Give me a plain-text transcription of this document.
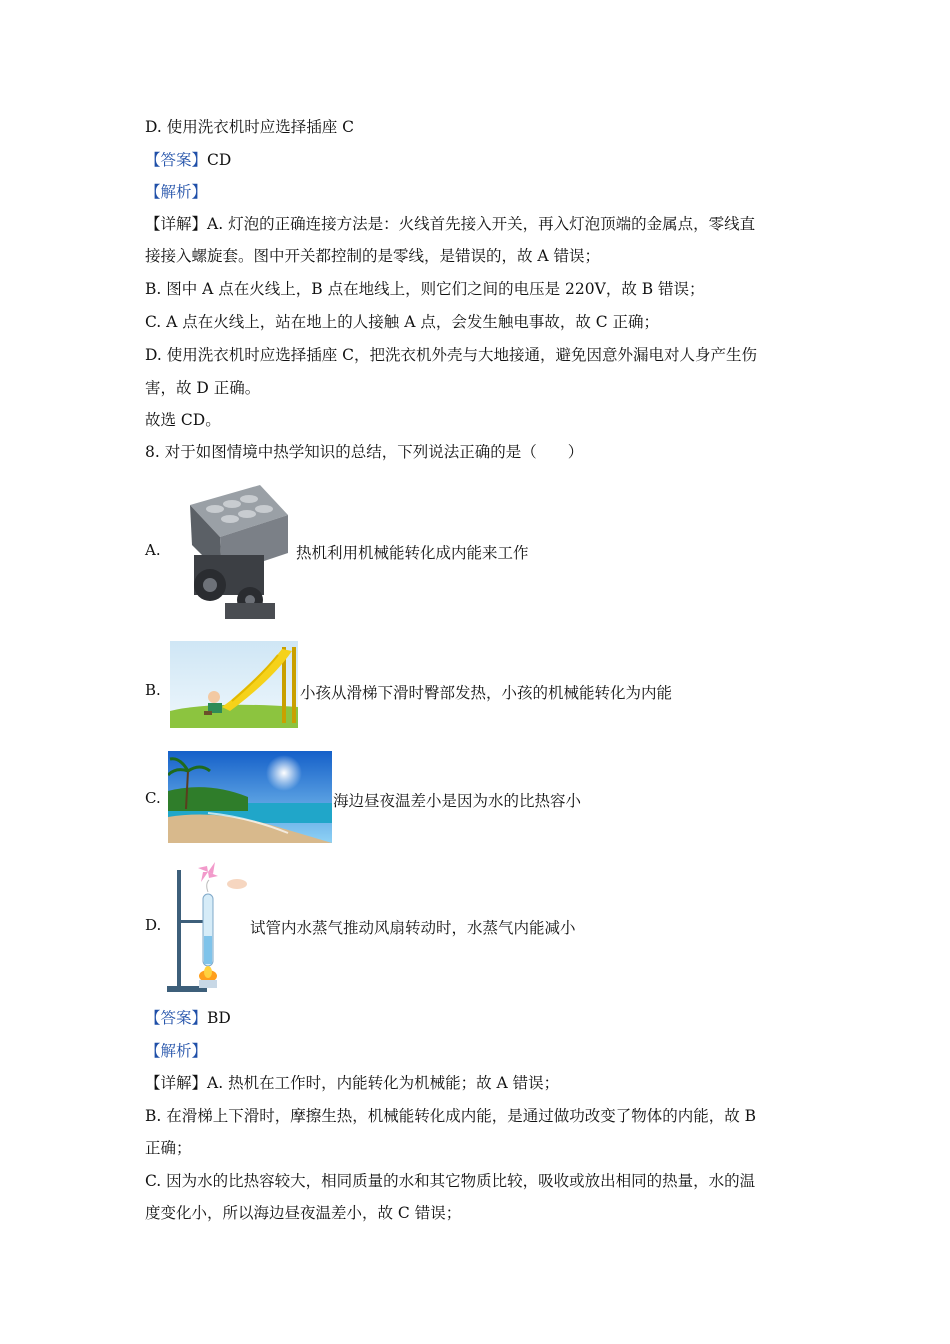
D. 使用洗衣机时应选择插座 C
【答案】CD
【解析】
【详解】A. 灯泡的正确连接方法是：火线首先接入开关，再入灯泡顶端的金属点，零线直
接接入螺旋套。图中开关都控制的是零线，是错误的，故 A 错误；
B. 图中 A 点在火线上，B 点在地线上，则它们之间的电压是 220V，故 B 错误；
C. A 点在火线上，站在地上的人接触 A 点，会发生触电事故，故 C 正确；
D. 使用洗衣机时应选择插座 C，把洗衣机外壳与大地接通，避免因意外漏电对人身产生伤
害，故 D 正确。
故选 CD。
8. 对于如图情境中热学知识的总结，下列说法正确的是（　　）
A.	热机利用机械能转化成内能来工作
B.	小孩从滑梯下滑时臀部发热，小孩的机械能转化为内能
C.	海边昼夜温差小是因为水的比热容小
D.	试管内水蒸气推动风扇转动时，水蒸气内能减小
【答案】BD
【解析】
【详解】A. 热机在工作时，内能转化为机械能；故 A 错误；
B. 在滑梯上下滑时，摩擦生热，机械能转化成内能，是通过做功改变了物体的内能，故 B
正确；
C. 因为水的比热容较大，相同质量的水和其它物质比较，吸收或放出相同的热量，水的温
度变化小，所以海边昼夜温差小，故 C 错误；
